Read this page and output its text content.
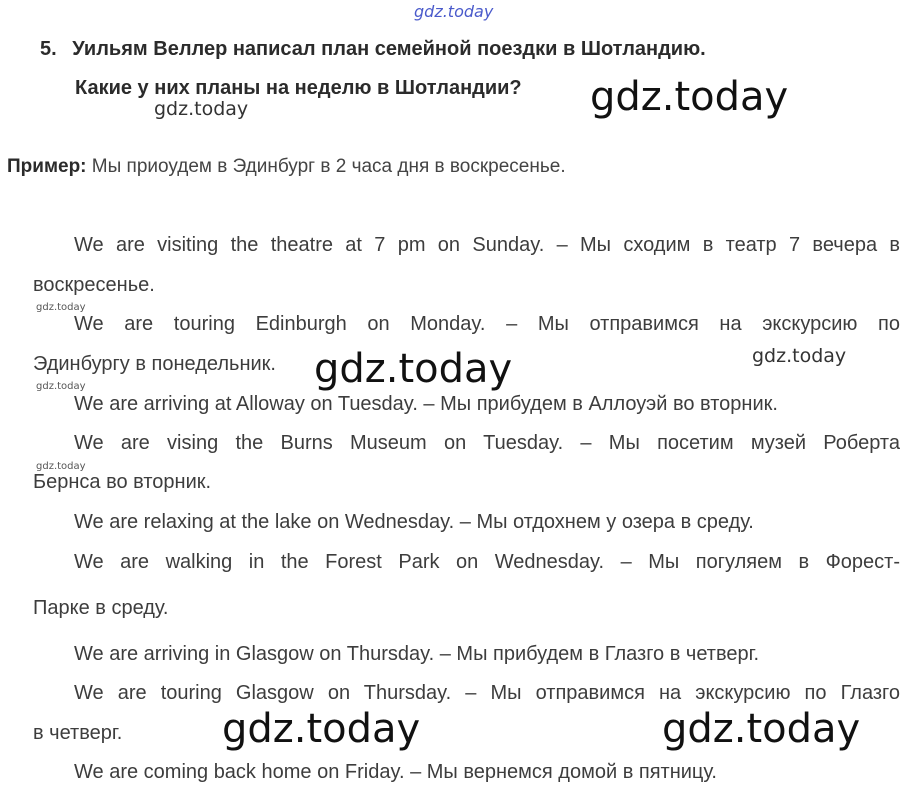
gdz.today
5. Уильям Веллер написал план семейной поездки в Шотландию.
Какие у них планы на неделю в Шотландии? gdz.today
gdz.today
Пример: Мы приоудем в Эдинбург в 2 часа дня в воскресенье.
We are visiting the theatre at 7 pm on Sunday. – Мы сходим в театр 7 вечера в
воскресенье.
gdz.today
We are touring Edinburgh on Monday. – Мы отправимся на экскурсию по
Эдинбургу в понедельник. gdz.today	gdz.today
gdz.today
We are arriving at Alloway on Tuesday. – Мы прибудем в Аллоуэй во вторник.
We are vising the Burns Museum on Tuesday. – Мы посетим музей Роберта
gdz.today
Бернса во вторник.
We are relaxing at the lake on Wednesday. – Мы отдохнем у озера в среду.
We are walking in the Forest Park on Wednesday. – Мы погуляем в Форест-
Парке в среду.
We are arriving in Glasgow on Thursday. – Мы прибудем в Глазго в четверг.
We are touring Glasgow on Thursday. – Мы отправимся на экскурсию по Глазго
в четверг. gdz.today	gdz.today
We are coming back home on Friday. – Мы вернемся домой в пятницу.
